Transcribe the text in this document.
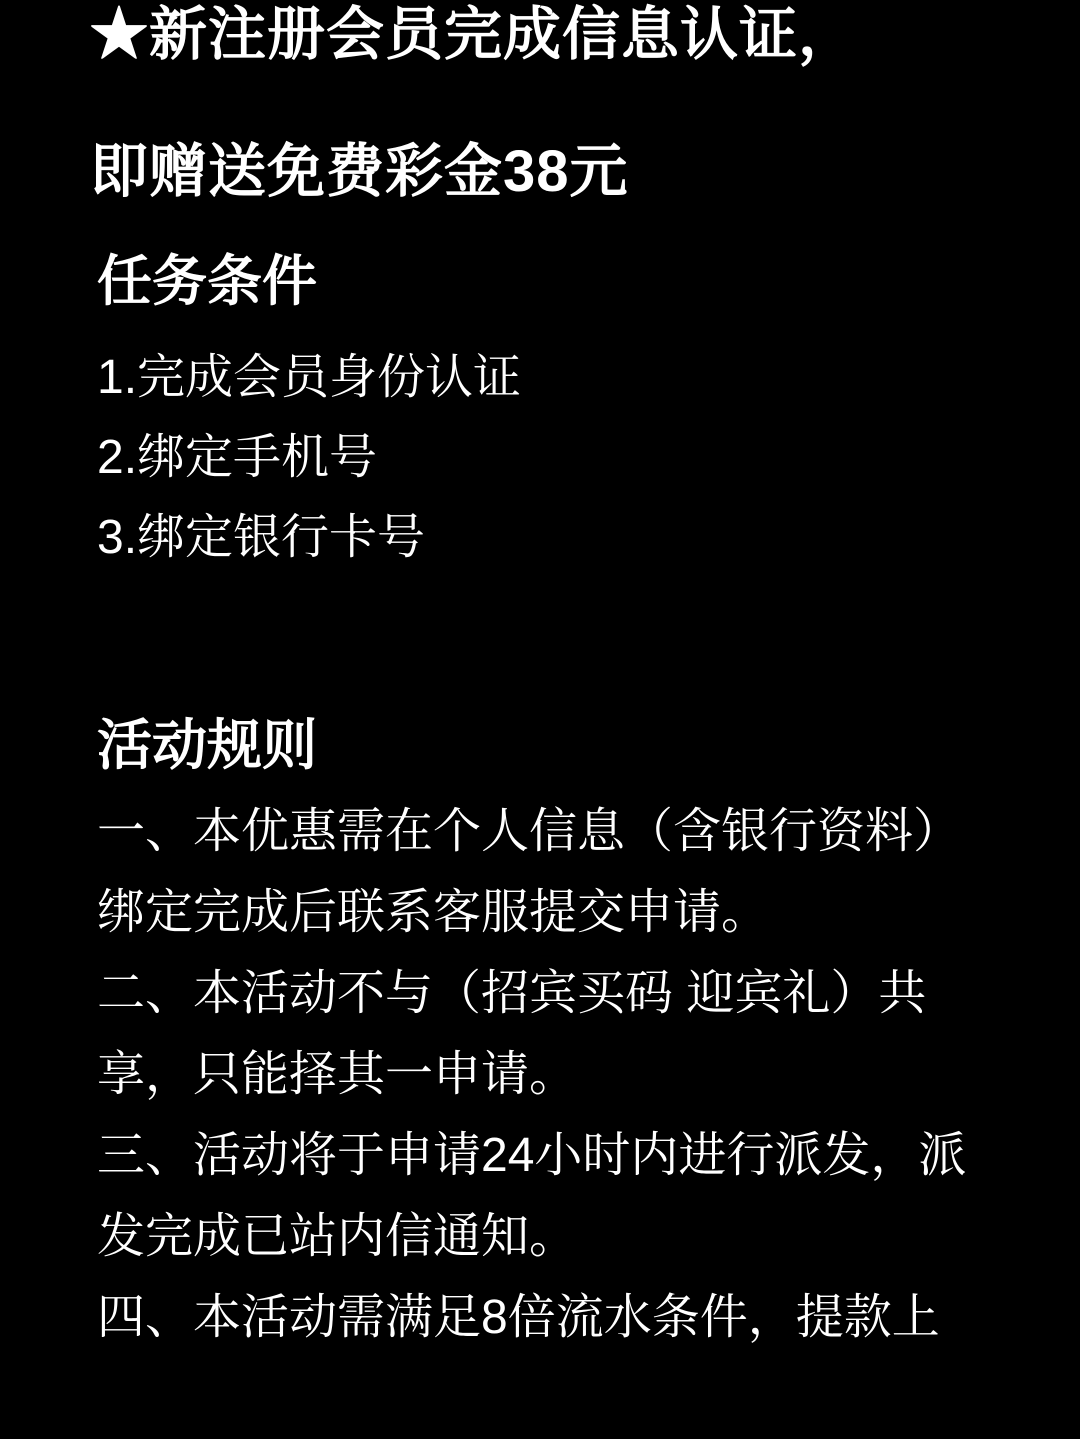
★新注册会员完成信息认证，
即赠送免费彩金38元
任务条件
1.完成会员身份认证
2.绑定手机号
3.绑定银行卡号
活动规则
一、本优惠需在个人信息（含银行资料）
绑定完成后联系客服提交申请。
二、本活动不与（招宾买码 迎宾礼）共
享，只能择其一申请。
三、活动将于申请24小时内进行派发，派
发完成已站内信通知。
四、本活动需满足8倍流水条件，提款上
